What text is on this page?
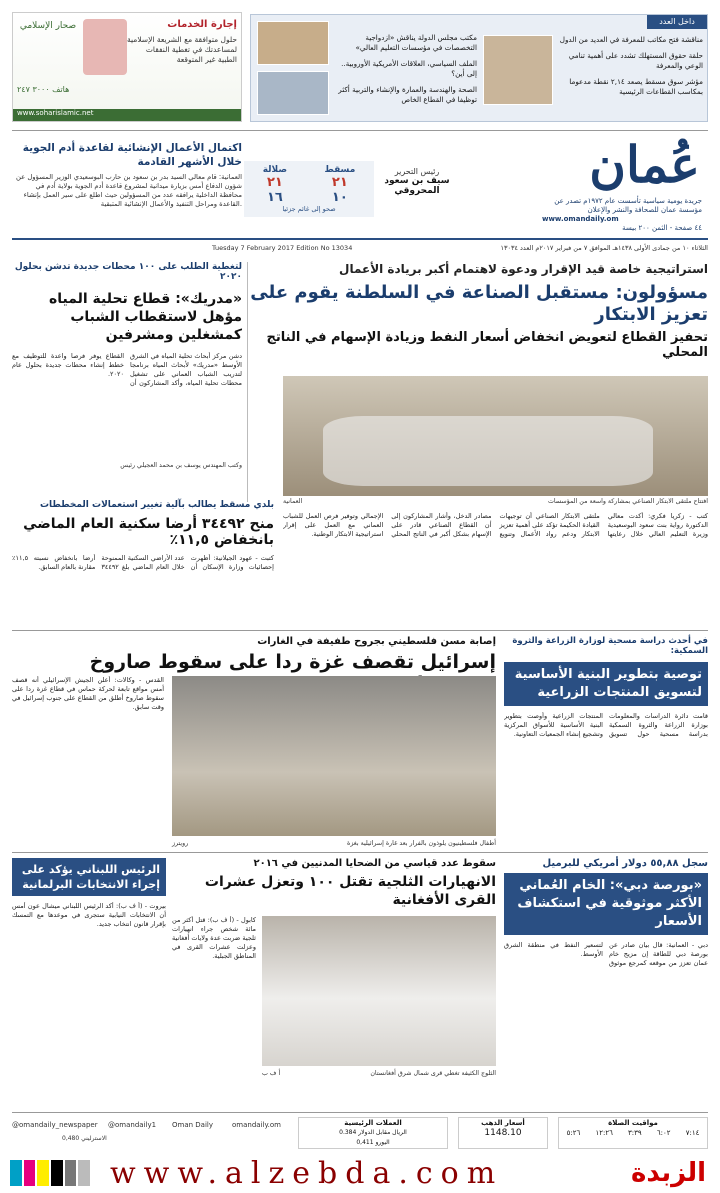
صحار الإسلامي	إجارة الخدمات
حلول متوافقة مع الشريعة الإسلامية لمساعدتك في تغطية النفقات الطبية غير المتوقعة
هاتف ٣٠٠٠ ٢٤٧
www.soharislamic.net
داخل العدد
مكتب مجلس الدولة يناقش «ازدواجية التخصصات في مؤسسات التعليم العالي»
الملف السياسي، العلاقات الأمريكية الأوروبية.. إلى أين؟
الصحة والهندسة والعمارة والإنشاء والتربية أكثر توظيفا في القطاع الخاص
مناقشة فتح مكاتب للمعرفة في العديد من الدول
حلقة حقوق المستهلك تشدد على أهمية تنامي الوعي والمعرفة
مؤشر سوق مسقط يصعد ٢,١٤ نقطة مدعوما بمكاسب القطاعات الرئيسية
عُمان
جريدة يومية سياسية تأسست عام ١٩٧٢م تصدر عن مؤسسة عمان للصحافة والنشر والإعلان
www.omandaily.om
٤٤ صفحة - الثمن ٢٠٠ بيسة
رئيس التحرير
سيف بن سعود المحروقي
صلالة
٢١
١٦
مسقط
٢١
١٠
صحو إلى غائم جزئيا
اكتمال الأعمال الإنشائية لقاعدة أدم الجوية خلال الأشهر القادمة

العمانية: قام معالي السيد بدر بن سعود بن حارب البوسعيدي الوزير المسؤول عن شؤون الدفاع أمس بزيارة ميدانية لمشروع قاعدة أدم الجوية بولاية أدم في محافظة الداخلية يرافقه عدد من المسؤولين حيث اطلع على سير العمل بإنشاء القاعدة ومراحل التنفيذ والأعمال الإنشائية المتبقية.

الثلاثاء ١٠ من جمادى الأولى ١٤٣٨هـ الموافق ٧ من فبراير ٢٠١٧م العدد ١٣٠٣٤
Tuesday 7 February 2017 Edition No 13034
استراتيجية خاصة قيد الإقرار ودعوة لاهتمام أكبر بريادة الأعمال
مسؤولون: مستقبل الصناعة في السلطنة يقوم على تعزيز الابتكار
تحفيز القطاع لتعويض انخفاض أسعار النفط وزيادة الإسهام في الناتج المحلي
افتتاح ملتقى الابتكار الصناعي بمشاركة واسعة من المؤسسات
العمانية
كتب - زكريا فكري: أكدت معالي الدكتورة رواية بنت سعود البوسعيدية وزيرة التعليم العالي خلال رعايتها ملتقى الابتكار الصناعي أن توجيهات القيادة الحكيمة تؤكد على أهمية تعزيز الابتكار ودعم رواد الأعمال وتنويع مصادر الدخل، وأشار المشاركون إلى أن القطاع الصناعي قادر على الإسهام بشكل أكبر في الناتج المحلي الإجمالي وتوفير فرص العمل للشباب العماني مع العمل على إقرار استراتيجية الابتكار الوطنية.
لتغطية الطلب على ١٠٠ محطات جديدة تدشن بحلول ٢٠٢٠
«مدريك»: قطاع تحلية المياه مؤهل لاستقطاب الشباب كمشغلين ومشرفين
دشن مركز أبحاث تحلية المياه في الشرق الأوسط «مدريك» لأبحاث المياه برنامجا لتدريب الشباب العماني على تشغيل محطات تحلية المياه، وأكد المشاركون أن القطاع يوفر فرصا واعدة للتوظيف مع خطط إنشاء محطات جديدة بحلول عام ٢٠٢٠.
وكتب المهندس يوسف بن محمد العجيلي رئيس
بلدي مسقط يطالب بآلية تغيير استعمالات المخططات
منح ٣٤٤٩٢ أرضا سكنية العام الماضي بانخفاض ١١,٥٪
كتبت - عهود الجيلانية: أظهرت إحصائيات وزارة الإسكان أن عدد الأراضي السكنية الممنوحة خلال العام الماضي بلغ ٣٤٤٩٢ أرضا بانخفاض نسبته ١١,٥٪ مقارنة بالعام السابق.
في أحدث دراسة مسحية لوزارة الزراعة والثروة السمكية:
توصية بتطوير البنية الأساسية لتسويق المنتجات الزراعية
قامت دائرة الدراسات والمعلومات بوزارة الزراعة والثروة السمكية بدراسة مسحية حول تسويق المنتجات الزراعية وأوصت بتطوير البنية الأساسية للأسواق المركزية وتشجيع إنشاء الجمعيات التعاونية.
إصابة مسن فلسطيني بجروح طفيفة في الغارات
إسرائيل تقصف غزة ردا على سقوط صاروخ
أطفال فلسطينيون يلوذون بالفرار بعد غارة إسرائيلية بغزة
رويترز
القدس - وكالات: أعلن الجيش الإسرائيلي أنه قصف أمس مواقع تابعة لحركة حماس في قطاع غزة ردا على سقوط صاروخ أطلق من القطاع على جنوب إسرائيل في وقت سابق.
سجل ٥٥,٨٨ دولار أمريكي للبرميل
«بورصة دبي»: الخام العُماني الأكثر موثوقية في استكشاف الأسعار
دبي - العمانية: قال بيان صادر عن بورصة دبي للطاقة إن مزيج خام عمان تعزز من موقعه كمرجع موثوق لتسعير النفط في منطقة الشرق الأوسط.
سقوط عدد قياسي من الضحايا المدنيين في ٢٠١٦
الانهيارات الثلجية تقتل ١٠٠ وتعزل عشرات القرى الأفغانية
الثلوج الكثيفة تغطي قرى شمال شرق أفغانستان
أ ف ب
كابول - (أ ف ب): قتل أكثر من مائة شخص جراء انهيارات ثلجية ضربت عدة ولايات أفغانية وعزلت عشرات القرى في المناطق الجبلية.
الرئيس اللبناني يؤكد على إجراء الانتخابات البرلمانية
بيروت - (أ ف ب): أكد الرئيس اللبناني ميشال عون أمس أن الانتخابات النيابية ستجرى في موعدها مع التمسك بإقرار قانون انتخاب جديد.
مواقيت الصلاة
٥:٢٦ ١٢:٢٦ ٣:٣٩ ٦:٠٢ ٧:١٤
أسعار الذهب
1148.10
العملات الرئيسية
الريال مقابل الدولار 0.384
اليورو 0,411
@omandaily_newspaper @omandaily1 Oman Daily	omandaily.om
الاسترليني 0,480
www.alzebda.com	الزبدة
